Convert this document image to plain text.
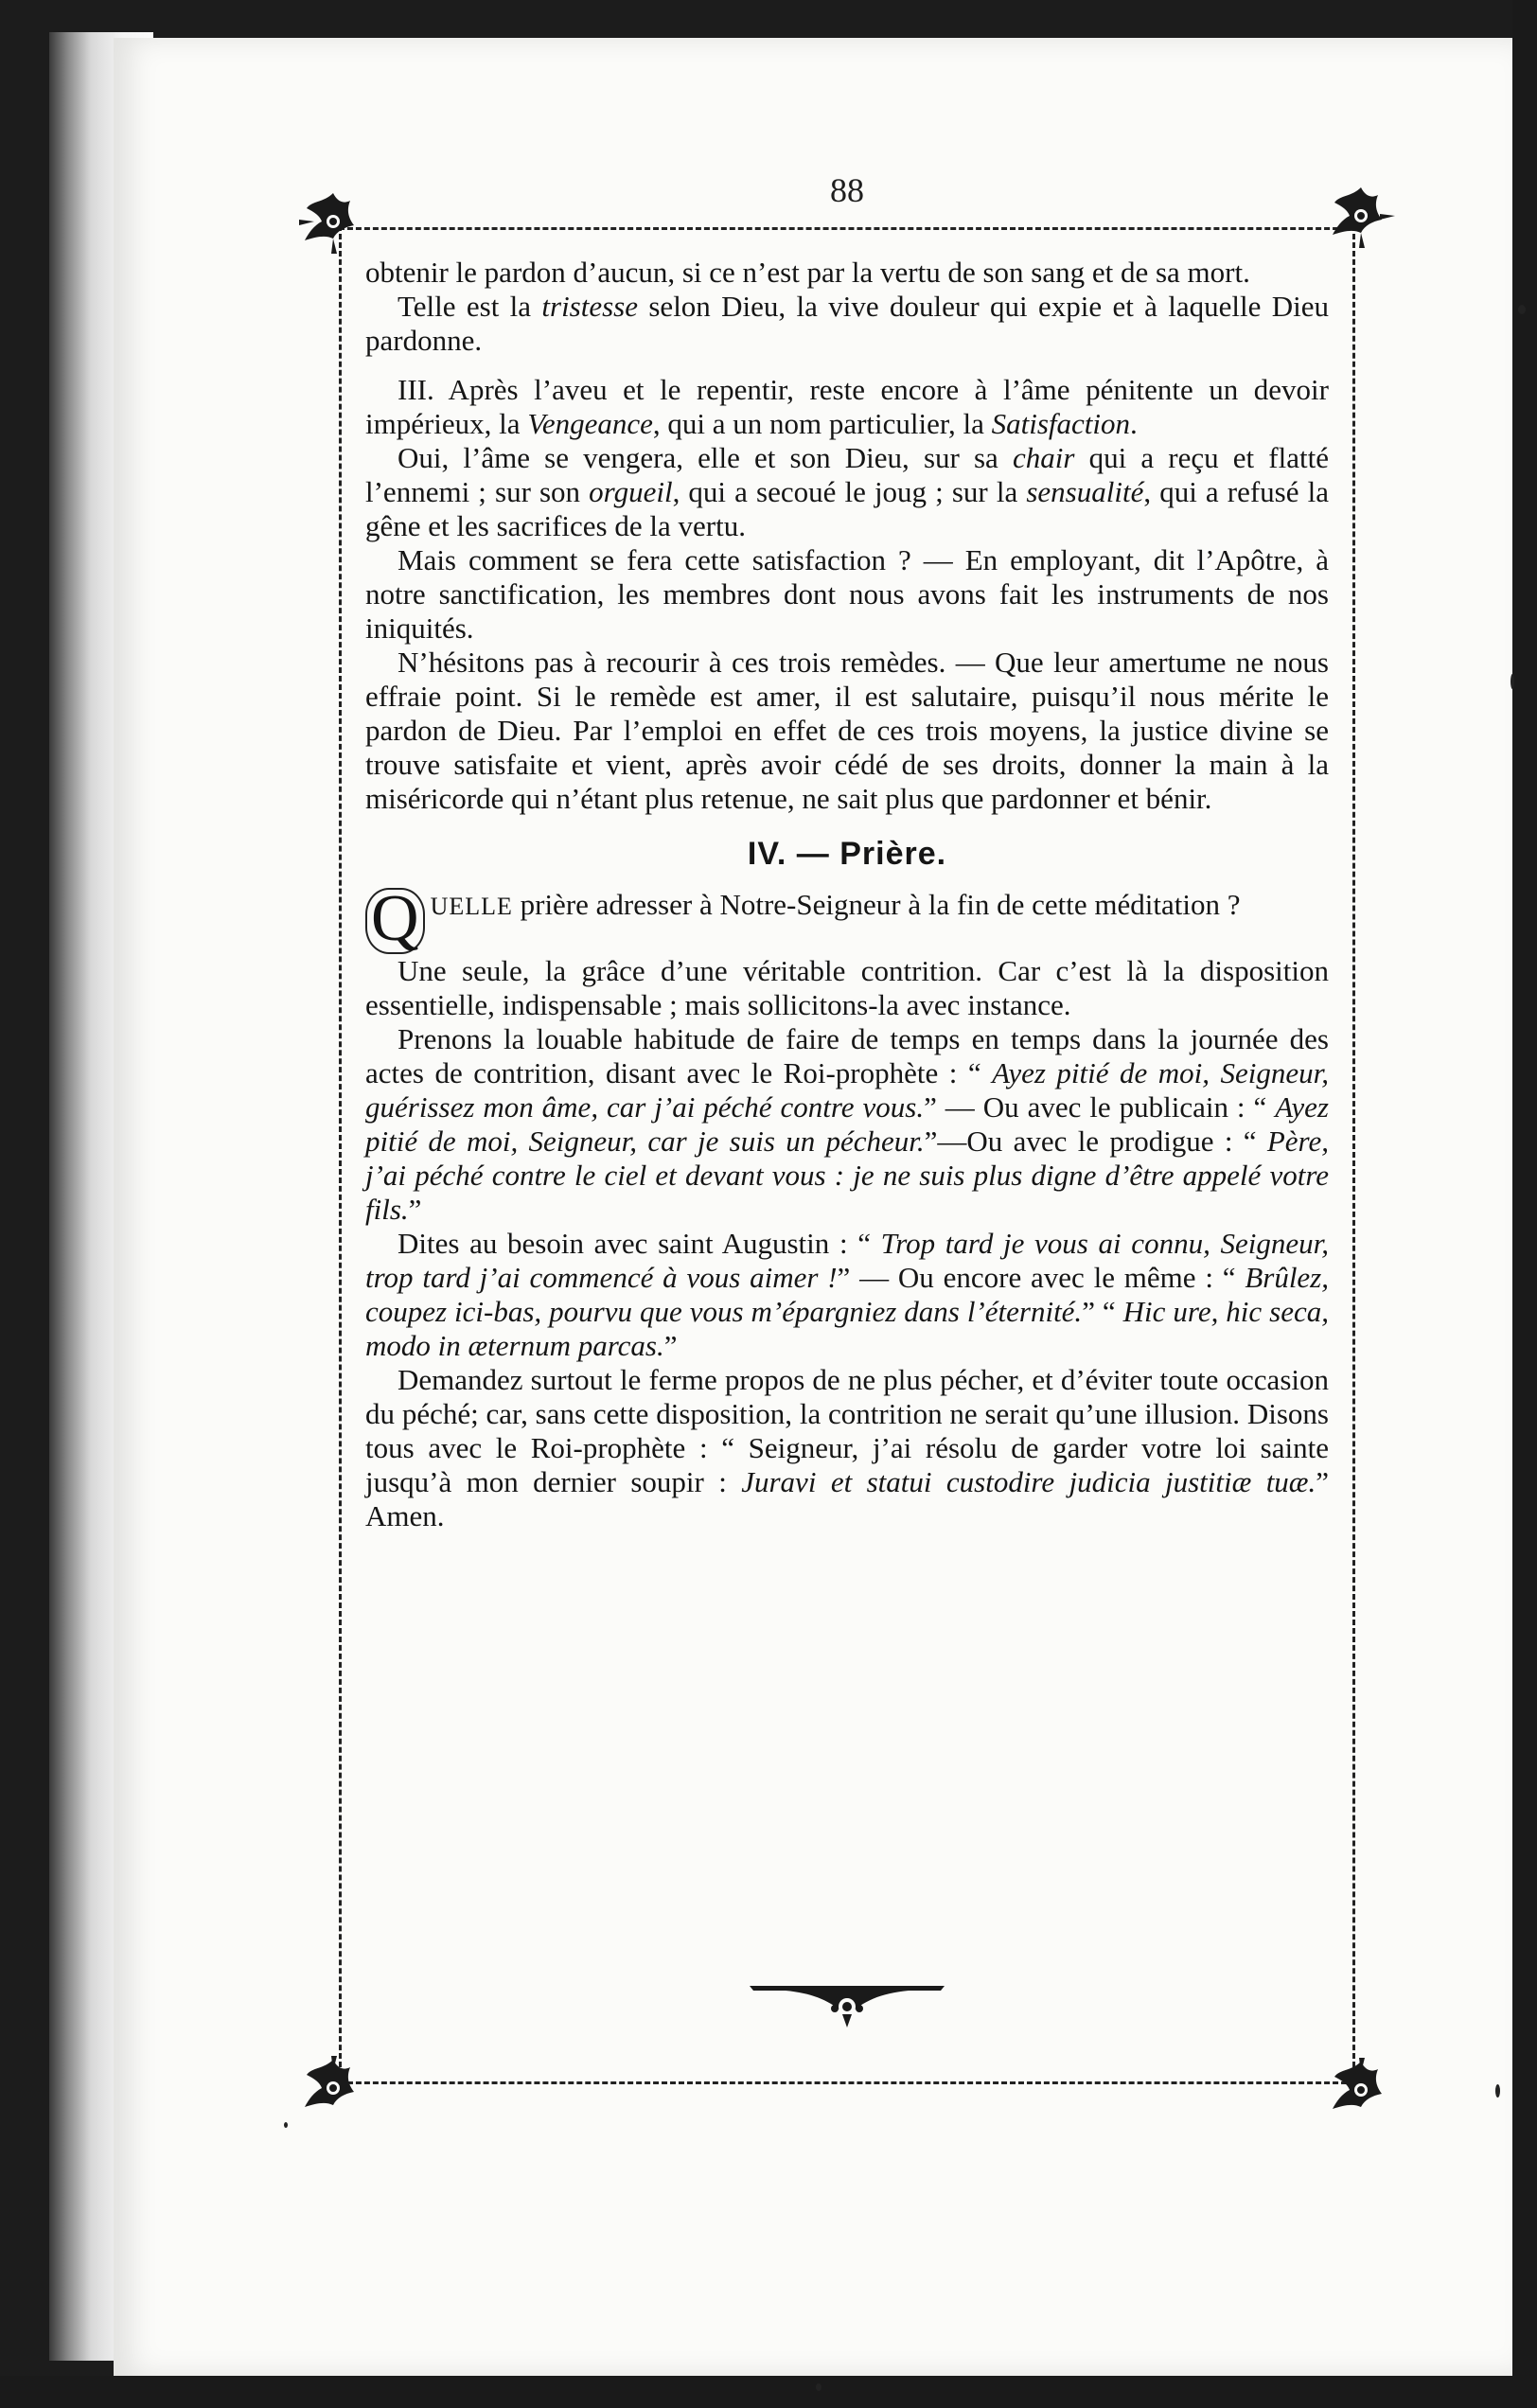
88

obtenir le pardon d’aucun, si ce n’est par la vertu de son sang et de sa mort.

Telle est la tristesse selon Dieu, la vive douleur qui expie et à laquelle Dieu pardonne.

III. Après l’aveu et le repentir, reste encore à l’âme pénitente un devoir impérieux, la Vengeance, qui a un nom particulier, la Satisfaction.

Oui, l’âme se vengera, elle et son Dieu, sur sa chair qui a reçu et flatté l’ennemi ; sur son orgueil, qui a secoué le joug ; sur la sensualité, qui a refusé la gêne et les sacrifices de la vertu.

Mais comment se fera cette satisfaction ? — En employant, dit l’Apôtre, à notre sanctification, les membres dont nous avons fait les instruments de nos iniquités.

N’hésitons pas à recourir à ces trois remèdes. — Que leur amertume ne nous effraie point. Si le remède est amer, il est salutaire, puisqu’il nous mérite le pardon de Dieu. Par l’emploi en effet de ces trois moyens, la justice divine se trouve satisfaite et vient, après avoir cédé de ses droits, donner la main à la miséricorde qui n’étant plus retenue, ne sait plus que pardonner et bénir.

IV. — Prière.

Q UELLE prière adresser à Notre-Seigneur à la fin de cette méditation ?

Une seule, la grâce d’une véritable contrition. Car c’est là la disposition essentielle, indispensable ; mais sollicitons-la avec instance.

Prenons la louable habitude de faire de temps en temps dans la journée des actes de contrition, disant avec le Roi-prophète : “ Ayez pitié de moi, Seigneur, guérissez mon âme, car j’ai péché contre vous.” — Ou avec le publicain : “ Ayez pitié de moi, Seigneur, car je suis un pécheur.”—Ou avec le prodigue : “ Père, j’ai péché contre le ciel et devant vous : je ne suis plus digne d’être appelé votre fils.”

Dites au besoin avec saint Augustin : “ Trop tard je vous ai connu, Seigneur, trop tard j’ai commencé à vous aimer !” — Ou encore avec le même : “ Brûlez, coupez ici-bas, pourvu que vous m’épargniez dans l’éternité.” “ Hic ure, hic seca, modo in æternum parcas.”

Demandez surtout le ferme propos de ne plus pécher, et d’éviter toute occasion du péché; car, sans cette disposition, la contrition ne serait qu’une illusion. Disons tous avec le Roi-prophète : “ Seigneur, j’ai résolu de garder votre loi sainte jusqu’à mon dernier soupir : Juravi et statui custodire judicia justitiæ tuæ.” Amen.
